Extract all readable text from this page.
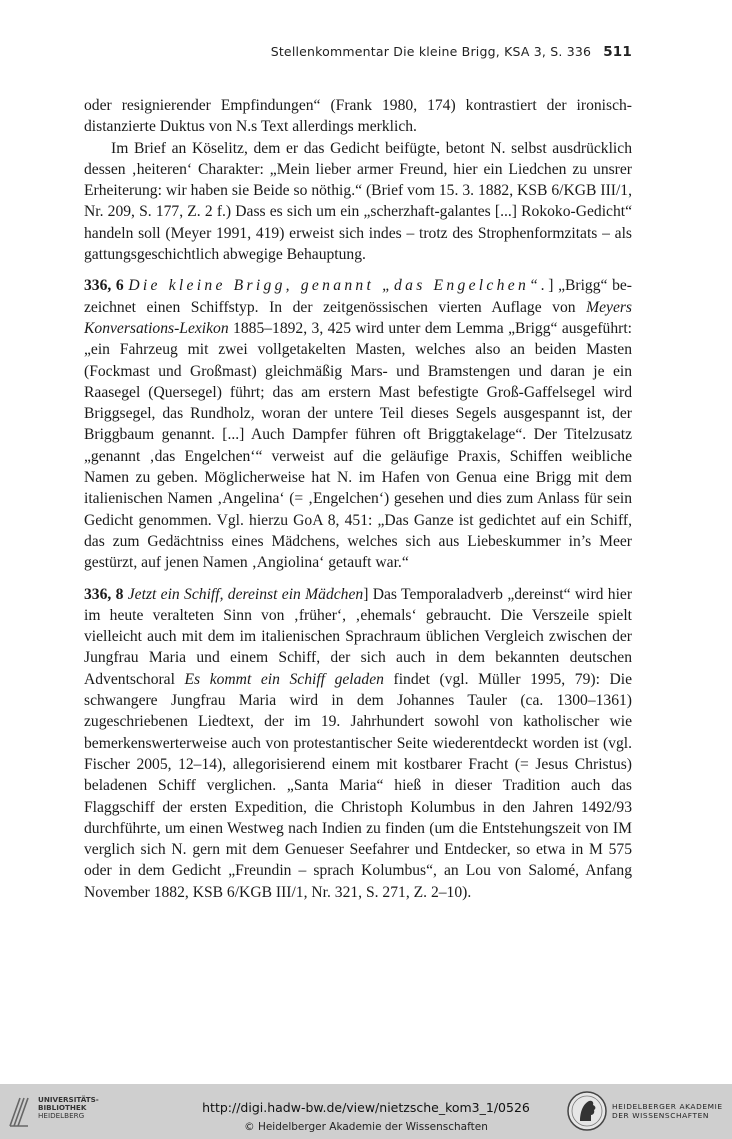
Stellenkommentar Die kleine Brigg, KSA 3, S. 336 511

oder resignierender Empfindungen“ (Frank 1980, 174) kontrastiert der ironisch-distanzierte Duktus von N.s Text allerdings merklich.

Im Brief an Köselitz, dem er das Gedicht beifügte, betont N. selbst ausdrücklich dessen ‚heiteren‘ Charakter: „Mein lieber armer Freund, hier ein Liedchen zu unsrer Erheiterung: wir haben sie Beide so nöthig.“ (Brief vom 15. 3. 1882, KSB 6/KGB III/1, Nr. 209, S. 177, Z. 2 f.) Dass es sich um ein „scherzhaft-galantes [...] Rokoko-Gedicht“ handeln soll (Meyer 1991, 419) erweist sich indes – trotz des Strophenformzitats – als gattungsgeschichtlich abwegige Behauptung.

336, 6 Die kleine Brigg, genannt „das Engelchen“.] „Brigg“ bezeichnet einen Schiffstyp. In der zeitgenössischen vierten Auflage von Meyers Konversations-Lexikon 1885–1892, 3, 425 wird unter dem Lemma „Brigg“ ausgeführt: „ein Fahrzeug mit zwei vollgetakelten Masten, welches also an beiden Masten (Fockmast und Großmast) gleichmäßig Mars- und Bramstengen und daran je ein Raasegel (Quersegel) führt; das am erstern Mast befestigte Groß-Gaffelsegel wird Briggsegel, das Rundholz, woran der untere Teil dieses Segels ausgespannt ist, der Briggbaum genannt. [...] Auch Dampfer führen oft Briggtakelage“. Der Titelzusatz „genannt ‚das Engelchen‘“ verweist auf die geläufige Praxis, Schiffen weibliche Namen zu geben. Möglicherweise hat N. im Hafen von Genua eine Brigg mit dem italienischen Namen ‚Angelina‘ (= ‚Engelchen‘) gesehen und dies zum Anlass für sein Gedicht genommen. Vgl. hierzu GoA 8, 451: „Das Ganze ist gedichtet auf ein Schiff, das zum Gedächtniss eines Mädchens, welches sich aus Liebeskummer in’s Meer gestürzt, auf jenen Namen ‚Angiolina‘ getauft war.“

336, 8 Jetzt ein Schiff, dereinst ein Mädchen] Das Temporaladverb „dereinst“ wird hier im heute veralteten Sinn von ‚früher‘, ‚ehemals‘ gebraucht. Die Verszeile spielt vielleicht auch mit dem im italienischen Sprachraum üblichen Vergleich zwischen der Jungfrau Maria und einem Schiff, der sich auch in dem bekannten deutschen Adventschoral Es kommt ein Schiff geladen findet (vgl. Müller 1995, 79): Die schwangere Jungfrau Maria wird in dem Johannes Tauler (ca. 1300–1361) zugeschriebenen Liedtext, der im 19. Jahrhundert sowohl von katholischer wie bemerkenswerterweise auch von protestantischer Seite wiederentdeckt worden ist (vgl. Fischer 2005, 12–14), allegorisierend einem mit kostbarer Fracht (= Jesus Christus) beladenen Schiff verglichen. „Santa Maria“ hieß in dieser Tradition auch das Flaggschiff der ersten Expedition, die Christoph Kolumbus in den Jahren 1492/93 durchführte, um einen Westweg nach Indien zu finden (um die Entstehungszeit von IM verglich sich N. gern mit dem Genueser Seefahrer und Entdecker, so etwa in M 575 oder in dem Gedicht „Freundin – sprach Kolumbus“, an Lou von Salomé, Anfang November 1882, KSB 6/KGB III/1, Nr. 321, S. 271, Z. 2–10).

UNIVERSITÄTS-
BIBLIOTHEK
HEIDELBERG
http://digi.hadw-bw.de/view/nietzsche_kom3_1/0526
© Heidelberger Akademie der Wissenschaften
HEIDELBERGER AKADEMIE
DER WISSENSCHAFTEN
